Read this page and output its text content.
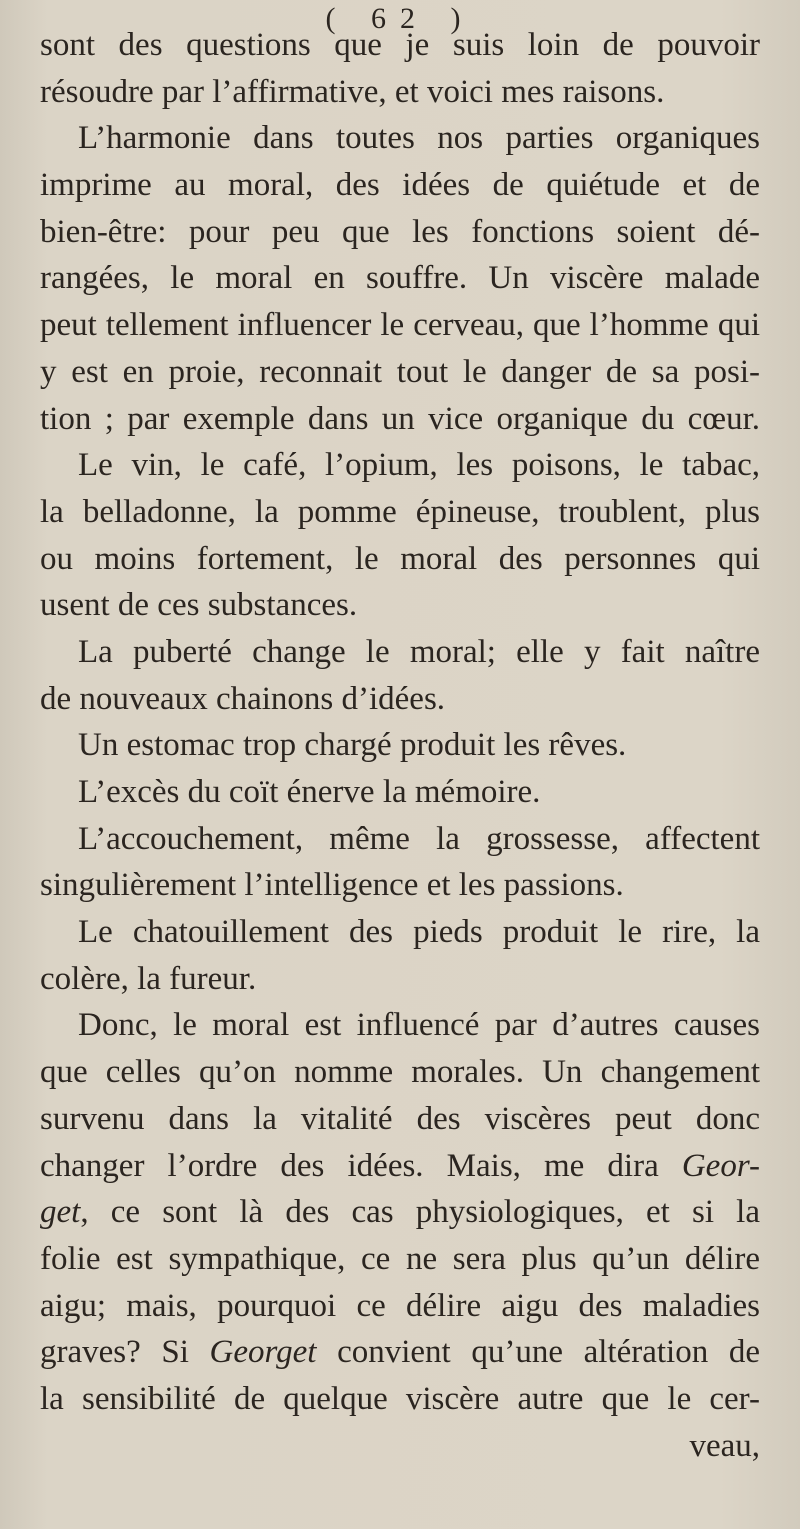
( 62 )
sont des questions que je suis loin de pouvoir
résoudre par l’affirmative, et voici mes raisons.
L’harmonie dans toutes nos parties organiques
imprime au moral, des idées de quiétude et de
bien-être: pour peu que les fonctions soient dé-
rangées, le moral en souffre. Un viscère malade
peut tellement influencer le cerveau, que l’homme qui
y est en proie, reconnait tout le danger de sa posi-
tion ; par exemple dans un vice organique du cœur.
Le vin, le café, l’opium, les poisons, le tabac,
la belladonne, la pomme épineuse, troublent, plus
ou moins fortement, le moral des personnes qui
usent de ces substances.
La puberté change le moral; elle y fait naître
de nouveaux chainons d’idées.
Un estomac trop chargé produit les rêves.
L’excès du coït énerve la mémoire.
L’accouchement, même la grossesse, affectent
singulièrement l’intelligence et les passions.
Le chatouillement des pieds produit le rire, la
colère, la fureur.
Donc, le moral est influencé par d’autres causes
que celles qu’on nomme morales. Un changement
survenu dans la vitalité des viscères peut donc
changer l’ordre des idées. Mais, me dira Geor-
get, ce sont là des cas physiologiques, et si la
folie est sympathique, ce ne sera plus qu’un délire
aigu; mais, pourquoi ce délire aigu des maladies
graves? Si Georget convient qu’une altération de
la sensibilité de quelque viscère autre que le cer-
veau,
